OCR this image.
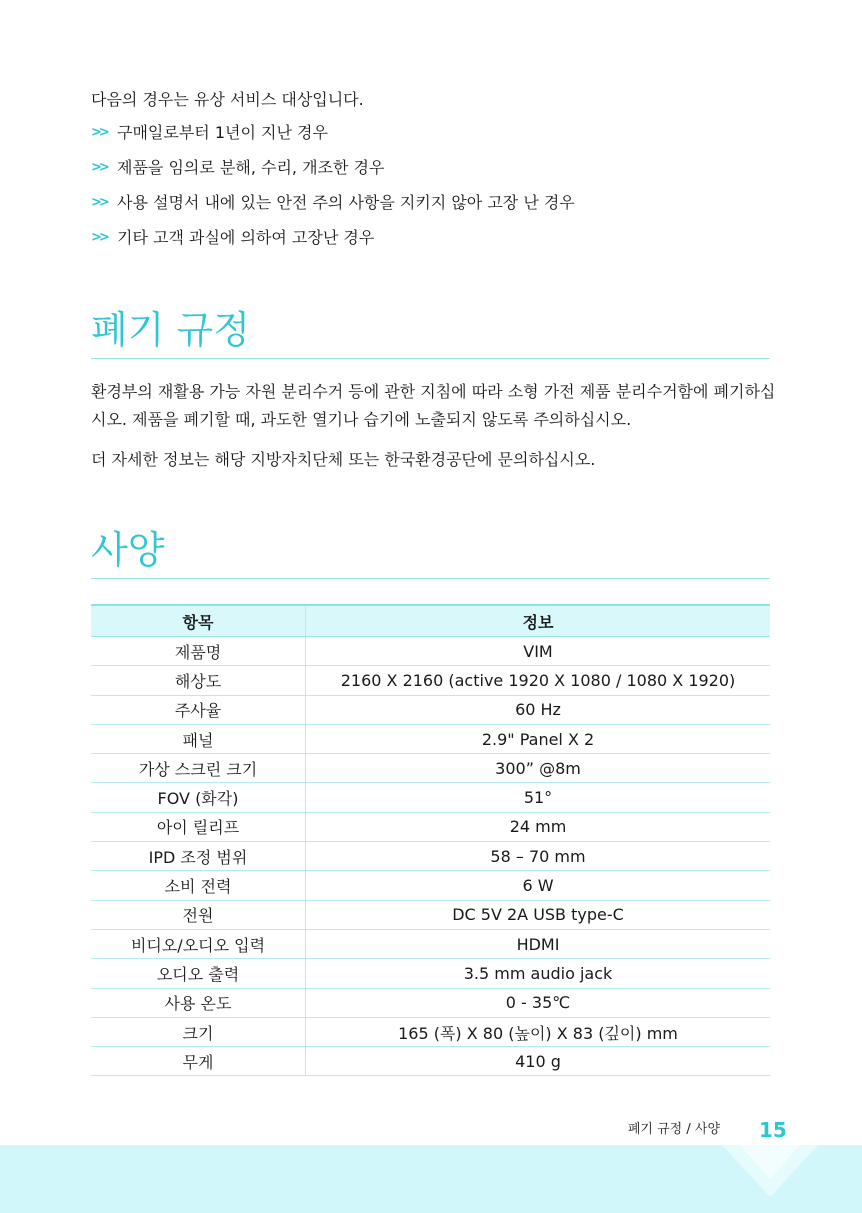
다음의 경우는 유상 서비스 대상입니다.
>> 구매일로부터 1년이 지난 경우
>> 제품을 임의로 분해, 수리, 개조한 경우
>> 사용 설명서 내에 있는 안전 주의 사항을 지키지 않아 고장 난 경우
>> 기타 고객 과실에 의하여 고장난 경우
폐기 규정
환경부의 재활용 가능 자원 분리수거 등에 관한 지침에 따라 소형 가전 제품 분리수거함에 폐기하십시오. 제품을 폐기할 때, 과도한 열기나 습기에 노출되지 않도록 주의하십시오.
더 자세한 정보는 해당 지방자치단체 또는 한국환경공단에 문의하십시오.
사양
항목	정보
제품명	VIM
해상도	2160 X 2160 (active 1920 X 1080 / 1080 X 1920)
주사율	60 Hz
패널	2.9" Panel X 2
가상 스크린 크기	300” @8m
FOV (화각)	51°
아이 릴리프	24 mm
IPD 조정 범위	58 – 70 mm
소비 전력	6 W
전원	DC 5V 2A USB type-C
비디오/오디오 입력	HDMI
오디오 출력	3.5 mm audio jack
사용 온도	0 - 35℃
크기	165 (폭) X 80 (높이) X 83 (깊이) mm
무게	410 g
폐기 규정 / 사양 15
